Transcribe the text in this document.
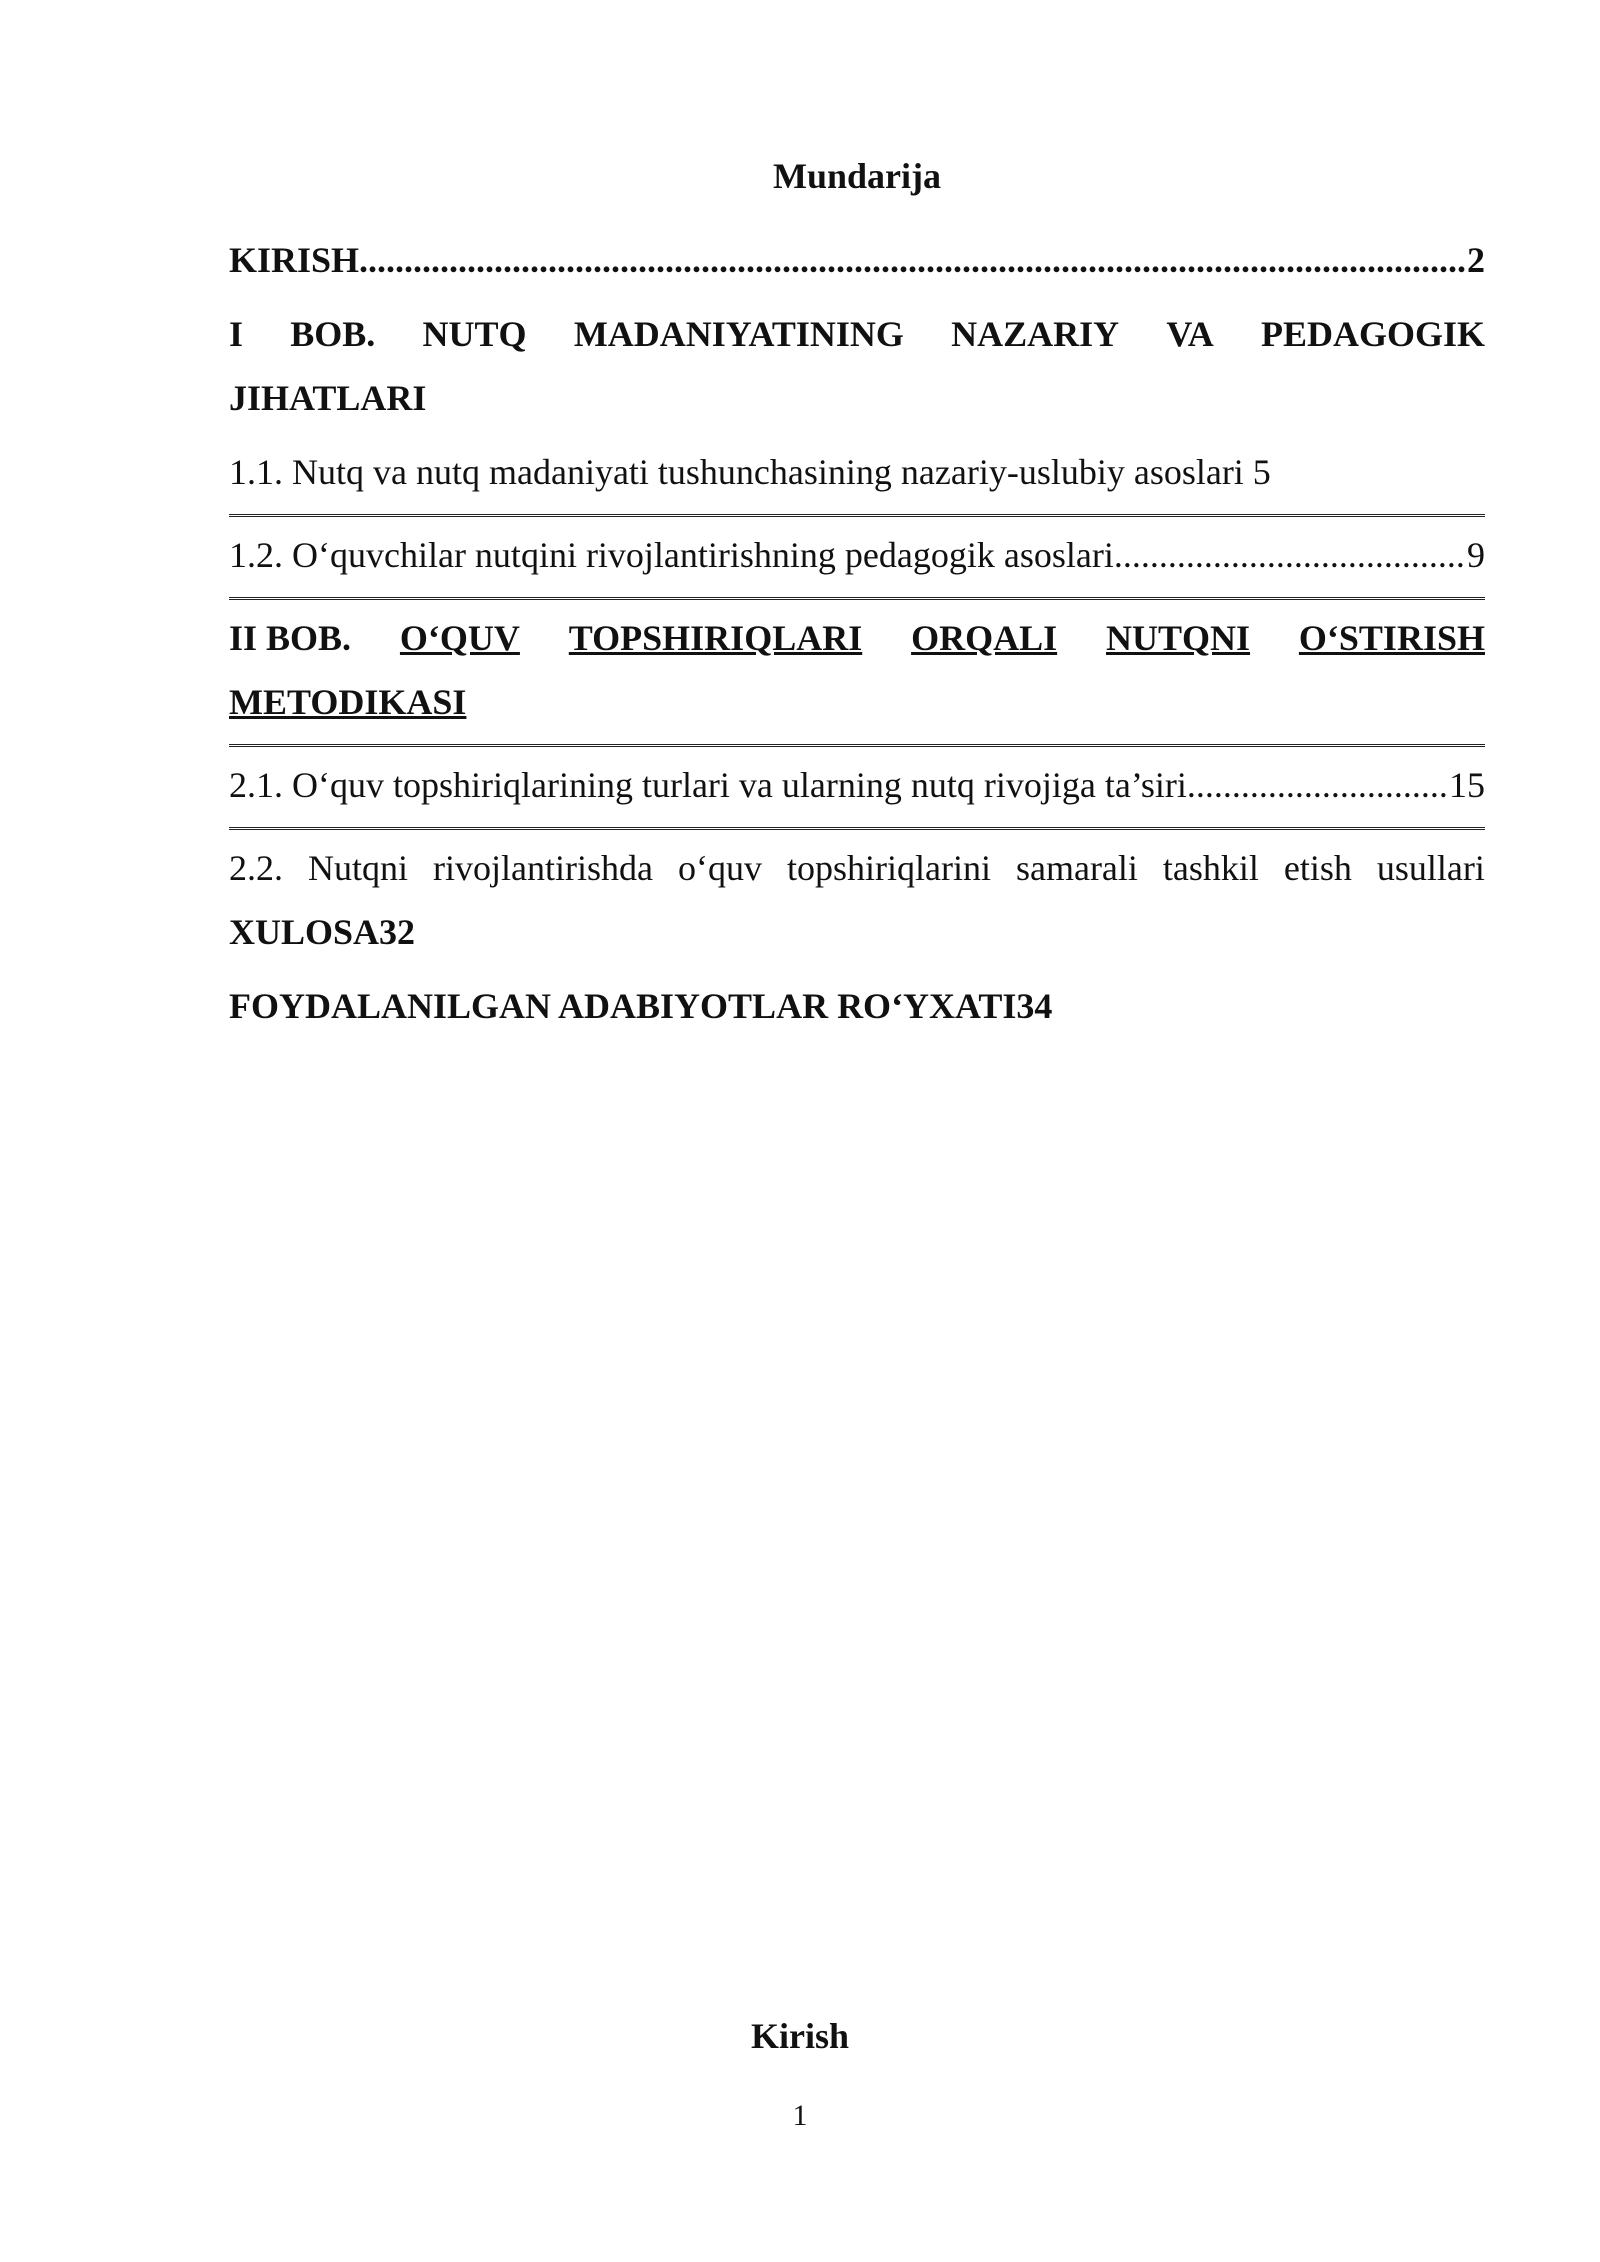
Mundarija
KIRISH .....	2
I BOB. NUTQ MADANIYATINING NAZARIY VA PEDAGOGIK
JIHATLARI
1.1. Nutq va nutq madaniyati tushunchasining nazariy-uslubiy asoslari 5
1.2. O‘quvchilar nutqini rivojlantirishning pedagogik asoslari .....	9
II BOB. O‘QUV TOPSHIRIQLARI ORQALI NUTQNI O‘STIRISH
METODIKASI
2.1. O‘quv topshiriqlarining turlari va ularning nutq rivojiga ta’siri .....	15
2.2. Nutqni rivojlantirishda o‘quv topshiriqlarini samarali tashkil etish usullari
XULOSA32
FOYDALANILGAN ADABIYOTLAR RO‘YXATI34
Kirish
1
